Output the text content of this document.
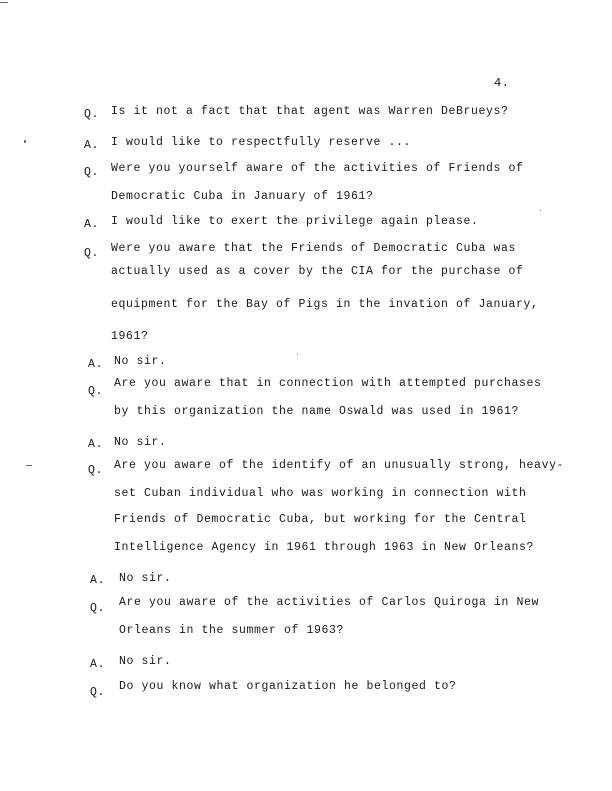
4.
Q. Is it not a fact that that agent was Warren DeBrueys?
A. I would like to respectfully reserve ...
Q. Were you yourself aware of the activities of Friends of
Democratic Cuba in January of 1961?
A. I would like to exert the privilege again please.
Q. Were you aware that the Friends of Democratic Cuba was
actually used as a cover by the CIA for the purchase of
equipment for the Bay of Pigs in the invation of January,
1961?
A. No sir.
Q.
Are you aware that in connection with attempted purchases
by this organization the name Oswald was used in 1961?
A. No sir.
Q. Are you aware of the identify of an unusually strong, heavy-
set Cuban individual who was working in connection with
Friends of Democratic Cuba, but working for the Central
Intelligence Agency in 1961 through 1963 in New Orleans?
A. No sir.
Q. Are you aware of the activities of Carlos Quiroga in New
Orleans in the summer of 1963?
A. No sir.
Q. Do you know what organization he belonged to?
